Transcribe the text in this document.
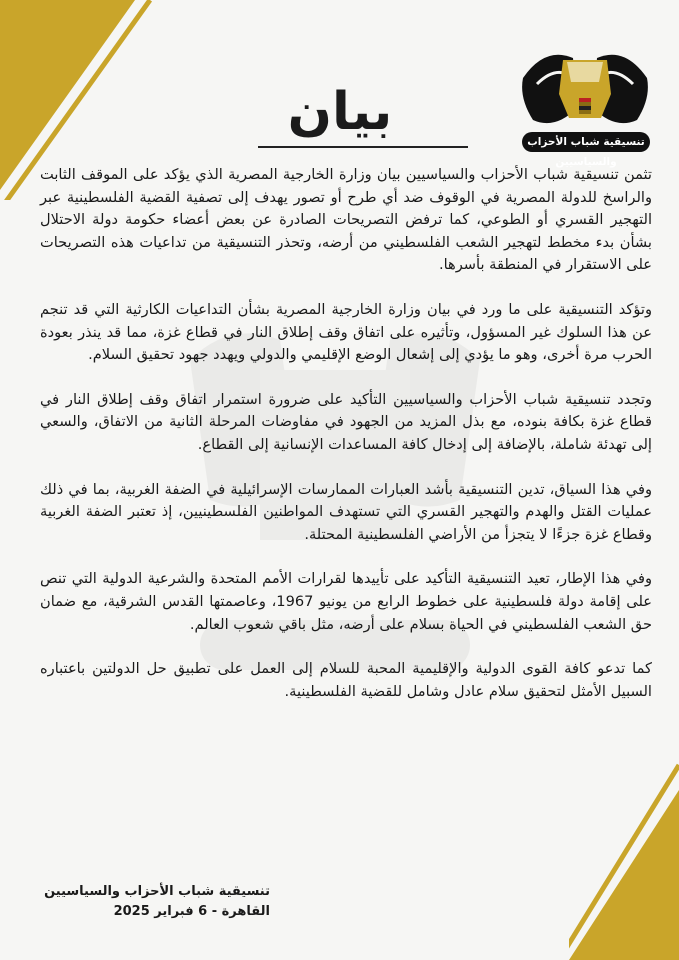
تنسيقية شباب الأحزاب والسياسيين
بيان

تثمن تنسيقية شباب الأحزاب والسياسيين بيان وزارة الخارجية المصرية الذي يؤكد على الموقف الثابت والراسخ للدولة المصرية في الوقوف ضد أي طرح أو تصور يهدف إلى تصفية القضية الفلسطينية عبر التهجير القسري أو الطوعي، كما ترفض التصريحات الصادرة عن بعض أعضاء حكومة دولة الاحتلال بشأن بدء مخطط لتهجير الشعب الفلسطيني من أرضه، وتحذر التنسيقية من تداعيات هذه التصريحات على الاستقرار في المنطقة بأسرها.

وتؤكد التنسيقية على ما ورد في بيان وزارة الخارجية المصرية بشأن التداعيات الكارثية التي قد تنجم عن هذا السلوك غير المسؤول، وتأثيره على اتفاق وقف إطلاق النار في قطاع غزة، مما قد ينذر بعودة الحرب مرة أخرى، وهو ما يؤدي إلى إشعال الوضع الإقليمي والدولي ويهدد جهود تحقيق السلام.

وتجدد تنسيقية شباب الأحزاب والسياسيين التأكيد على ضرورة استمرار اتفاق وقف إطلاق النار في قطاع غزة بكافة بنوده، مع بذل المزيد من الجهود في مفاوضات المرحلة الثانية من الاتفاق، والسعي إلى تهدئة شاملة، بالإضافة إلى إدخال كافة المساعدات الإنسانية إلى القطاع.

وفي هذا السياق، تدين التنسيقية بأشد العبارات الممارسات الإسرائيلية في الضفة الغربية، بما في ذلك عمليات القتل والهدم والتهجير القسري التي تستهدف المواطنين الفلسطينيين، إذ تعتبر الضفة الغربية وقطاع غزة جزءًا لا يتجزأ من الأراضي الفلسطينية المحتلة.

وفي هذا الإطار، تعيد التنسيقية التأكيد على تأييدها لقرارات الأمم المتحدة والشرعية الدولية التي تنص على إقامة دولة فلسطينية على خطوط الرابع من يونيو 1967، وعاصمتها القدس الشرقية، مع ضمان حق الشعب الفلسطيني في الحياة بسلام على أرضه، مثل باقي شعوب العالم.

كما تدعو كافة القوى الدولية والإقليمية المحبة للسلام إلى العمل على تطبيق حل الدولتين باعتباره السبيل الأمثل لتحقيق سلام عادل وشامل للقضية الفلسطينية.

تنسيقية شباب الأحزاب والسياسيين
القاهرة - 6 فبراير 2025
